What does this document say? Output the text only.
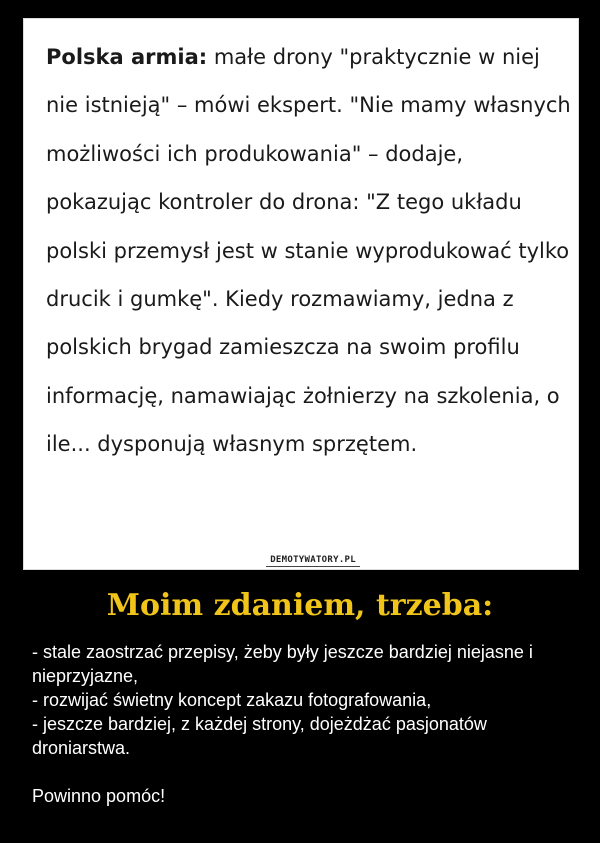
Polska armia: małe drony "praktycznie w niej nie istnieją" – mówi ekspert. "Nie mamy własnych możliwości ich produkowania" – dodaje, pokazując kontroler do drona: "Z tego układu polski przemysł jest w stanie wyprodukować tylko drucik i gumkę". Kiedy rozmawiamy, jedna z polskich brygad zamieszcza na swoim profilu informację, namawiając żołnierzy na szkolenia, o ile... dysponują własnym sprzętem.

DEMOTYWATORY.PL
Moim zdaniem, trzeba:
- stale zaostrzać przepisy, żeby były jeszcze bardziej niejasne i nieprzyjazne,
- rozwijać świetny koncept zakazu fotografowania,
- jeszcze bardziej, z każdej strony, dojeżdżać pasjonatów droniarstwa.
Powinno pomóc!
